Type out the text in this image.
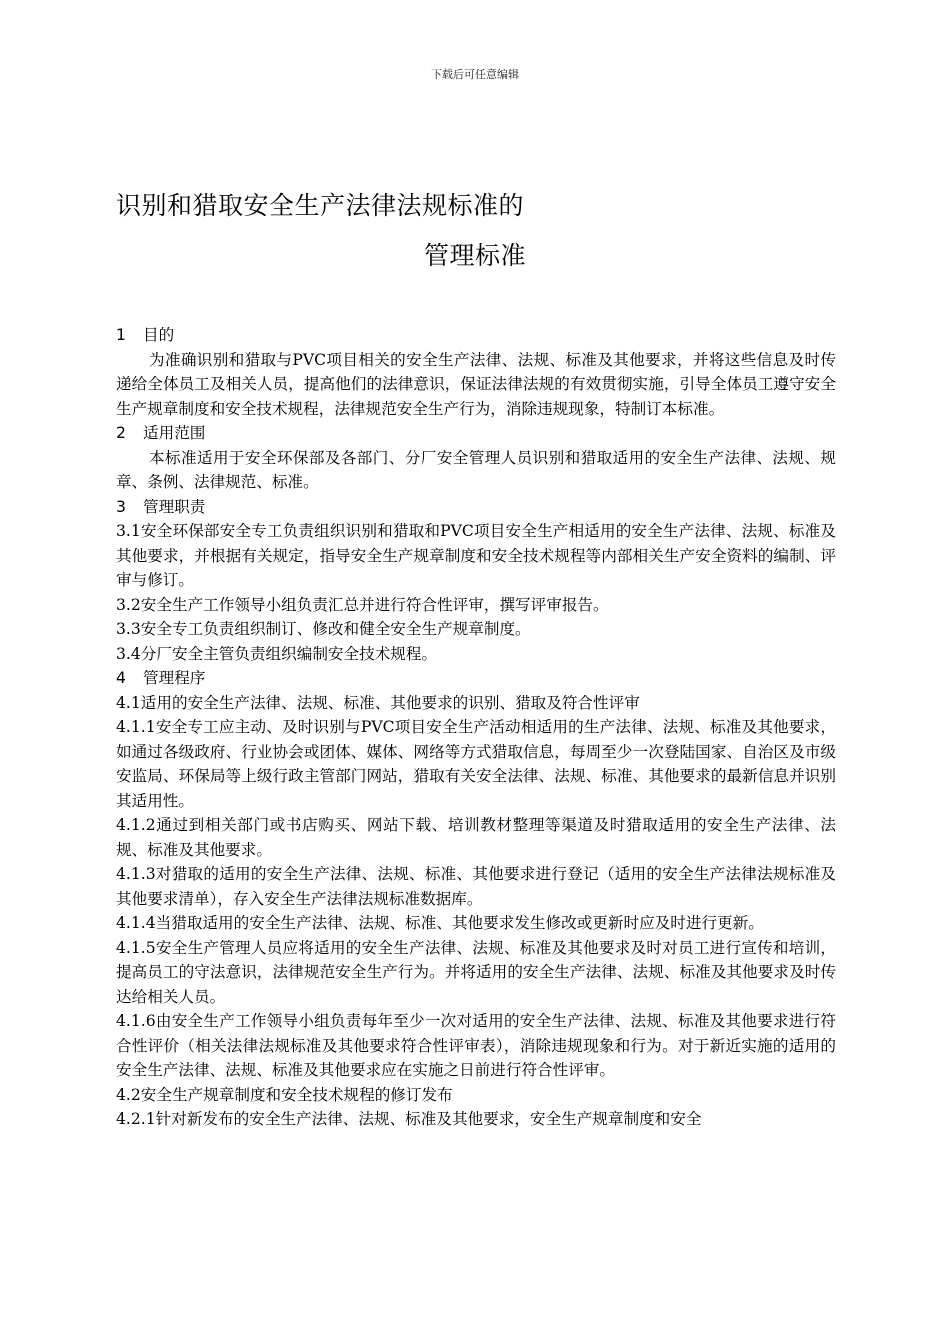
下载后可任意编辑
识别和猎取安全生产法律法规标准的
管理标准
1 目的
为准确识别和猎取与PVC项目相关的安全生产法律、法规、标准及其他要求，并将这些信息及时传递给全体员工及相关人员，提高他们的法律意识，保证法律法规的有效贯彻实施，引导全体员工遵守安全生产规章制度和安全技术规程，法律规范安全生产行为，消除违规现象，特制订本标准。
2 适用范围
本标准适用于安全环保部及各部门、分厂安全管理人员识别和猎取适用的安全生产法律、法规、规章、条例、法律规范、标准。
3 管理职责
3.1安全环保部安全专工负责组织识别和猎取和PVC项目安全生产相适用的安全生产法律、法规、标准及其他要求，并根据有关规定，指导安全生产规章制度和安全技术规程等内部相关生产安全资料的编制、评审与修订。
3.2安全生产工作领导小组负责汇总并进行符合性评审，撰写评审报告。
3.3安全专工负责组织制订、修改和健全安全生产规章制度。
3.4分厂安全主管负责组织编制安全技术规程。
4 管理程序
4.1适用的安全生产法律、法规、标准、其他要求的识别、猎取及符合性评审
4.1.1安全专工应主动、及时识别与PVC项目安全生产活动相适用的生产法律、法规、标准及其他要求，如通过各级政府、行业协会或团体、媒体、网络等方式猎取信息，每周至少一次登陆国家、自治区及市级安监局、环保局等上级行政主管部门网站，猎取有关安全法律、法规、标准、其他要求的最新信息并识别其适用性。
4.1.2通过到相关部门或书店购买、网站下载、培训教材整理等渠道及时猎取适用的安全生产法律、法规、标准及其他要求。
4.1.3对猎取的适用的安全生产法律、法规、标准、其他要求进行登记（适用的安全生产法律法规标准及其他要求清单），存入安全生产法律法规标准数据库。
4.1.4当猎取适用的安全生产法律、法规、标准、其他要求发生修改或更新时应及时进行更新。
4.1.5安全生产管理人员应将适用的安全生产法律、法规、标准及其他要求及时对员工进行宣传和培训，提高员工的守法意识，法律规范安全生产行为。并将适用的安全生产法律、法规、标准及其他要求及时传达给相关人员。
4.1.6由安全生产工作领导小组负责每年至少一次对适用的安全生产法律、法规、标准及其他要求进行符合性评价（相关法律法规标准及其他要求符合性评审表），消除违规现象和行为。对于新近实施的适用的安全生产法律、法规、标准及其他要求应在实施之日前进行符合性评审。
4.2安全生产规章制度和安全技术规程的修订发布
4.2.1针对新发布的安全生产法律、法规、标准及其他要求，安全生产规章制度和安全
